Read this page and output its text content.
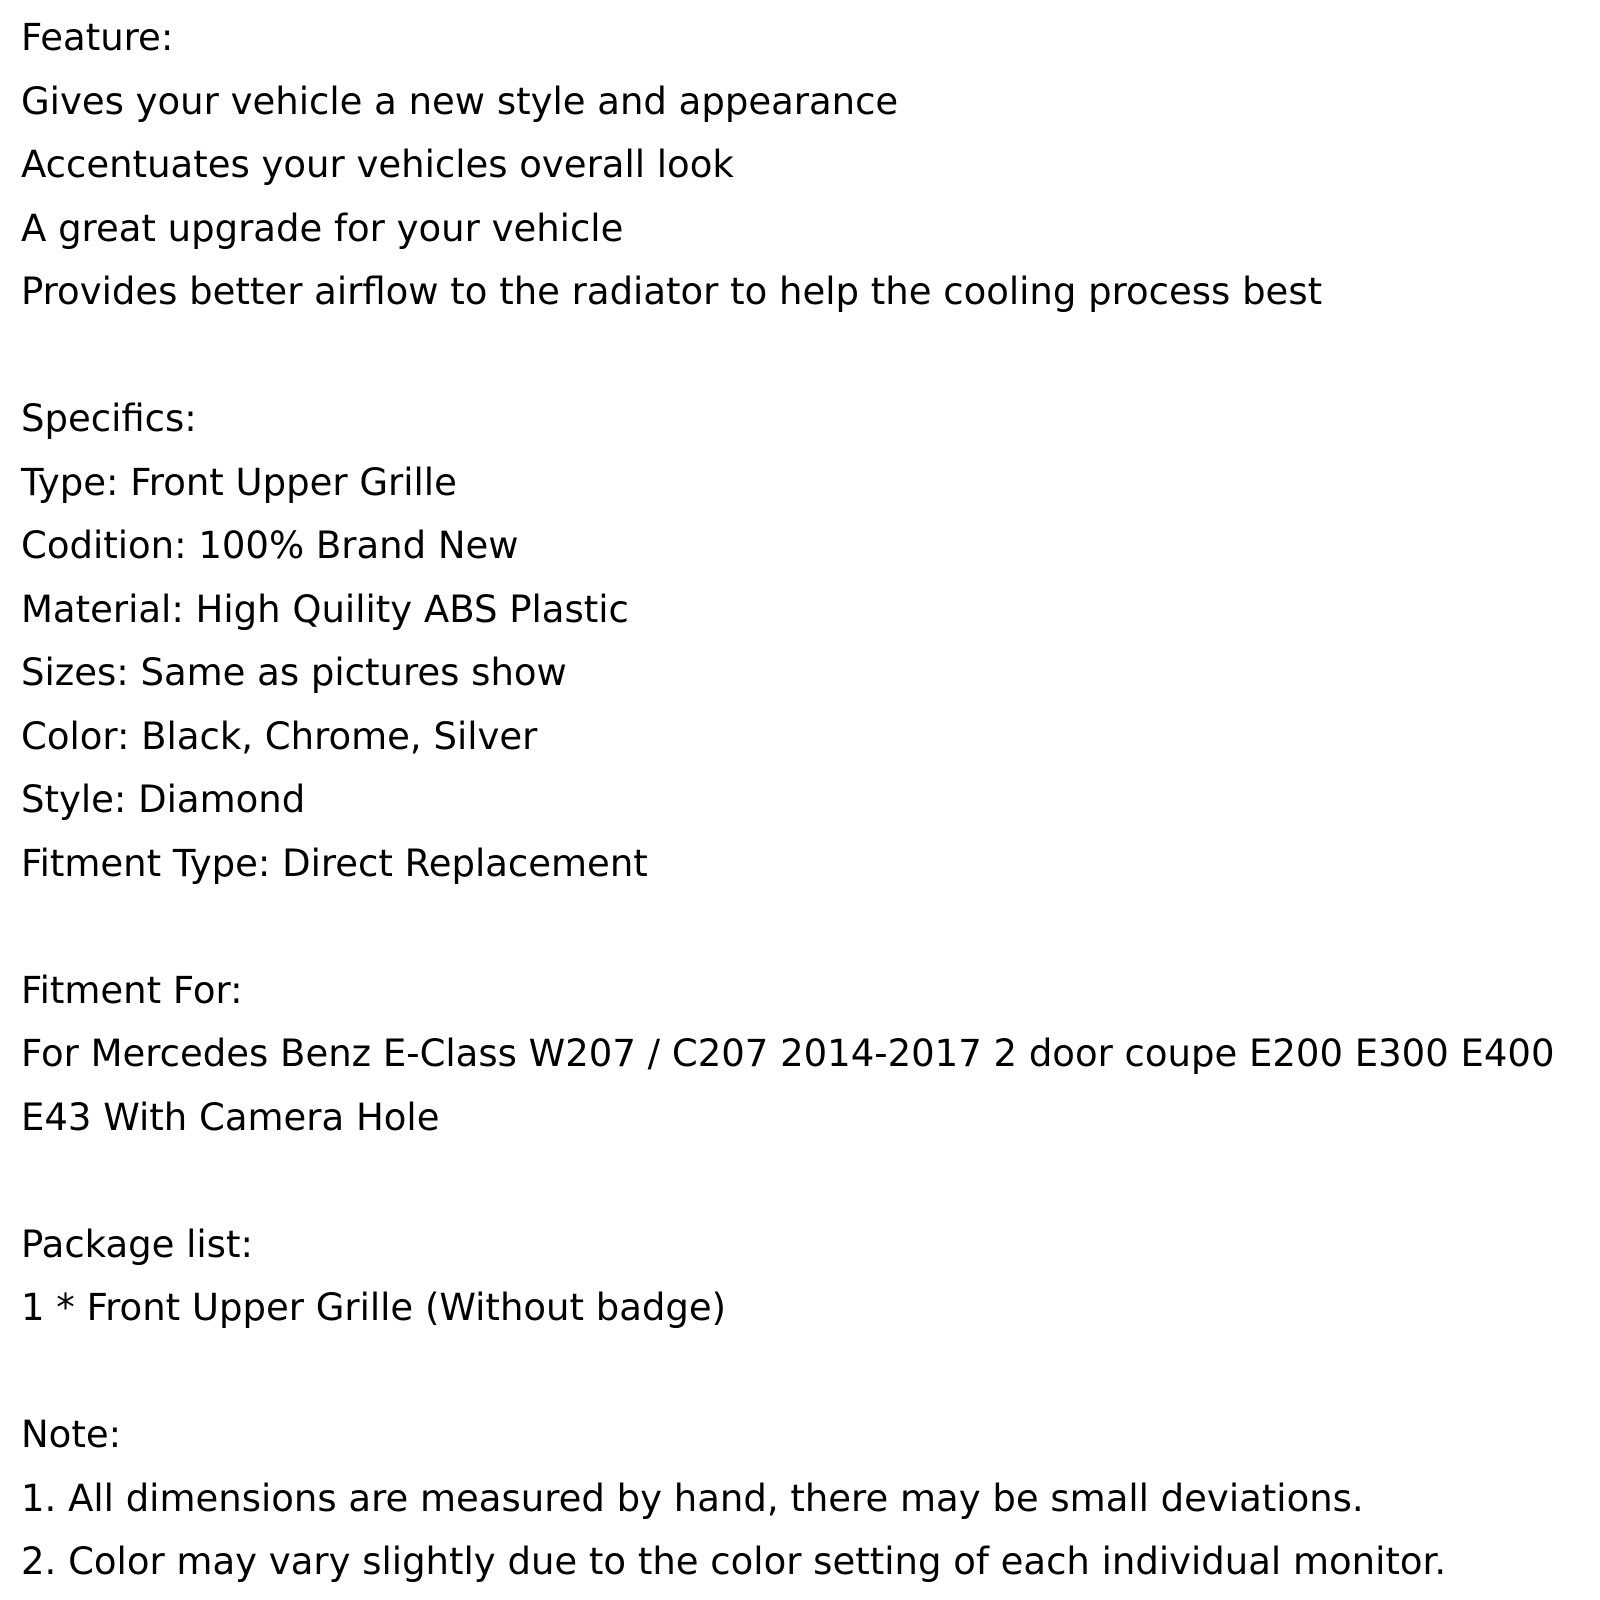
Feature:
Gives your vehicle a new style and appearance
Accentuates your vehicles overall look
A great upgrade for your vehicle
Provides better airflow to the radiator to help the cooling process best
Specifics:
Type: Front Upper Grille
Codition: 100% Brand New
Material: High Quility ABS Plastic
Sizes: Same as pictures show
Color: Black, Chrome, Silver
Style: Diamond
Fitment Type: Direct Replacement
Fitment For:
For Mercedes Benz E-Class W207 / C207 2014-2017 2 door coupe E200 E300 E400
E43 With Camera Hole
Package list:
1 * Front Upper Grille (Without badge)
Note:
1. All dimensions are measured by hand, there may be small deviations.
2. Color may vary slightly due to the color setting of each individual monitor.
